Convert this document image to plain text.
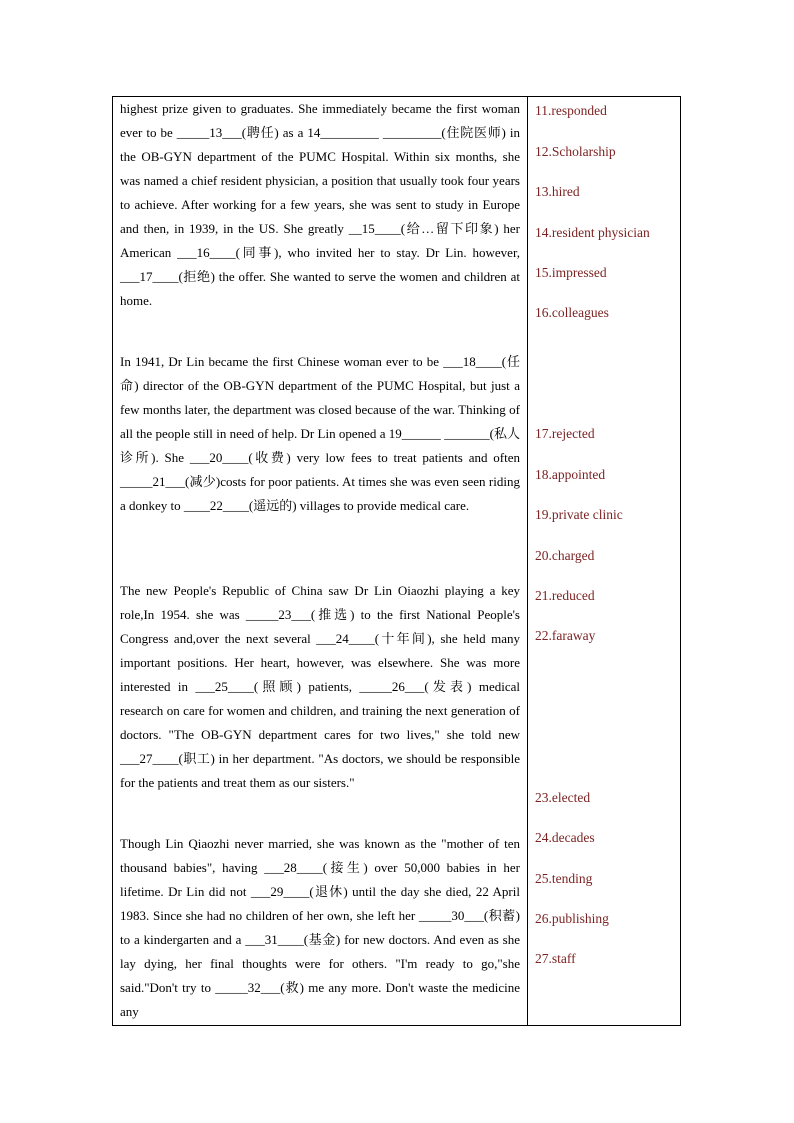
highest prize given to graduates. She immediately became the first woman ever to be _____13___(聘任) as a 14_________ _________(住院医师) in the OB-GYN department of the PUMC Hospital. Within six months, she was named a chief resident physician, a position that usually took four years to achieve. After working for a few years, she was sent to study in Europe and then, in 1939, in the US. She greatly __15____(给…留下印象) her American ___16____(同事), who invited her to stay. Dr Lin. however, ___17____(拒绝) the offer. She wanted to serve the women and children at home.
In 1941, Dr Lin became the first Chinese woman ever to be ___18____(任命) director of the OB-GYN department of the PUMC Hospital, but just a few months later, the department was closed because of the war. Thinking of all the people still in need of help. Dr Lin opened a 19______ _______(私人诊所). She ___20____(收费) very low fees to treat patients and often _____21___(减少)costs for poor patients. At times she was even seen riding a donkey to ____22____(遥远的) villages to provide medical care.
The new People's Republic of China saw Dr Lin Oiaozhi playing a key role,In 1954. she was _____23___(推选) to the first National People's Congress and,over the next several ___24____(十年间), she held many important positions. Her heart, however, was elsewhere. She was more interested in ___25____(照顾) patients, _____26___(发表) medical research on care for women and children, and training the next generation of doctors. "The OB-GYN department cares for two lives," she told new ___27____(职工) in her department. "As doctors, we should be responsible for the patients and treat them as our sisters."
Though Lin Qiaozhi never married, she was known as the "mother of ten thousand babies", having ___28____(接生) over 50,000 babies in her lifetime. Dr Lin did not ___29____(退休) until the day she died, 22 April 1983. Since she had no children of her own, she left her _____30___(积蓄) to a kindergarten and a ___31____(基金) for new doctors. And even as she lay dying, her final thoughts were for others. "I'm ready to go,"she said."Don't try to _____32___(救) me any more. Don't waste the medicine any

11.responded
12.Scholarship
13.hired
14.resident physician
15.impressed
16.colleagues
17.rejected
18.appointed
19.private clinic
20.charged
21.reduced
22.faraway
23.elected
24.decades
25.tending
26.publishing
27.staff
